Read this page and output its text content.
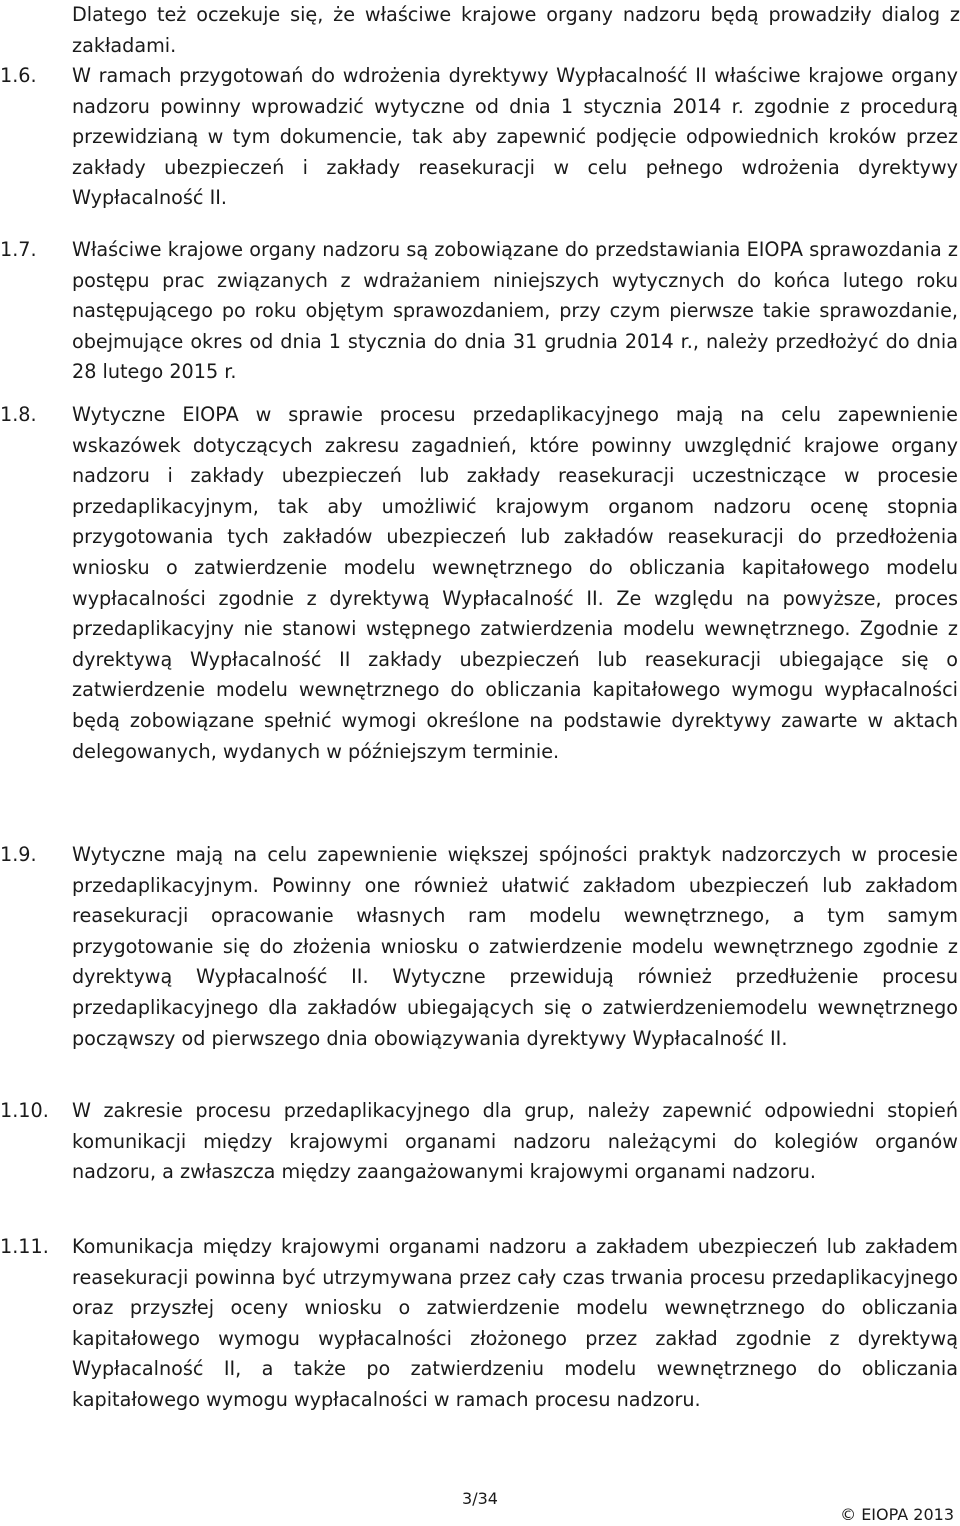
Dlatego też oczekuje się, że właściwe krajowe organy nadzoru będą prowadziły dialog z zakładami.
1.6. W ramach przygotowań do wdrożenia dyrektywy Wypłacalność II właściwe krajowe organy nadzoru powinny wprowadzić wytyczne od dnia 1 stycznia 2014 r. zgodnie z procedurą przewidzianą w tym dokumencie, tak aby zapewnić podjęcie odpowiednich kroków przez zakłady ubezpieczeń i zakłady reasekuracji w celu pełnego wdrożenia dyrektywy Wypłacalność II.
1.7. Właściwe krajowe organy nadzoru są zobowiązane do przedstawiania EIOPA sprawozdania z postępu prac związanych z wdrażaniem niniejszych wytycznych do końca lutego roku następującego po roku objętym sprawozdaniem, przy czym pierwsze takie sprawozdanie, obejmujące okres od dnia 1 stycznia do dnia 31 grudnia 2014 r., należy przedłożyć do dnia 28 lutego 2015 r.
1.8. Wytyczne EIOPA w sprawie procesu przedaplikacyjnego mają na celu zapewnienie wskazówek dotyczących zakresu zagadnień, które powinny uwzględnić krajowe organy nadzoru i zakłady ubezpieczeń lub zakłady reasekuracji uczestniczące w procesie przedaplikacyjnym, tak aby umożliwić krajowym organom nadzoru ocenę stopnia przygotowania tych zakładów ubezpieczeń lub zakładów reasekuracji do przedłożenia wniosku o zatwierdzenie modelu wewnętrznego do obliczania kapitałowego modelu wypłacalności zgodnie z dyrektywą Wypłacalność II. Ze względu na powyższe, proces przedaplikacyjny nie stanowi wstępnego zatwierdzenia modelu wewnętrznego. Zgodnie z dyrektywą Wypłacalność II zakłady ubezpieczeń lub reasekuracji ubiegające się o zatwierdzenie modelu wewnętrznego do obliczania kapitałowego wymogu wypłacalności będą zobowiązane spełnić wymogi określone na podstawie dyrektywy zawarte w aktach delegowanych, wydanych w późniejszym terminie.
1.9. Wytyczne mają na celu zapewnienie większej spójności praktyk nadzorczych w procesie przedaplikacyjnym. Powinny one również ułatwić zakładom ubezpieczeń lub zakładom reasekuracji opracowanie własnych ram modelu wewnętrznego, a tym samym przygotowanie się do złożenia wniosku o zatwierdzenie modelu wewnętrznego zgodnie z dyrektywą Wypłacalność II. Wytyczne przewidują również przedłużenie procesu przedaplikacyjnego dla zakładów ubiegających się o zatwierdzeniemodelu wewnętrznego począwszy od pierwszego dnia obowiązywania dyrektywy Wypłacalność II.
1.10. W zakresie procesu przedaplikacyjnego dla grup, należy zapewnić odpowiedni stopień komunikacji między krajowymi organami nadzoru należącymi do kolegiów organów nadzoru, a zwłaszcza między zaangażowanymi krajowymi organami nadzoru.
1.11. Komunikacja między krajowymi organami nadzoru a zakładem ubezpieczeń lub zakładem reasekuracji powinna być utrzymywana przez cały czas trwania procesu przedaplikacyjnego oraz przyszłej oceny wniosku o zatwierdzenie modelu wewnętrznego do obliczania kapitałowego wymogu wypłacalności złożonego przez zakład zgodnie z dyrektywą Wypłacalność II, a także po zatwierdzeniu modelu wewnętrznego do obliczania kapitałowego wymogu wypłacalności w ramach procesu nadzoru.
3/34
© EIOPA 2013
